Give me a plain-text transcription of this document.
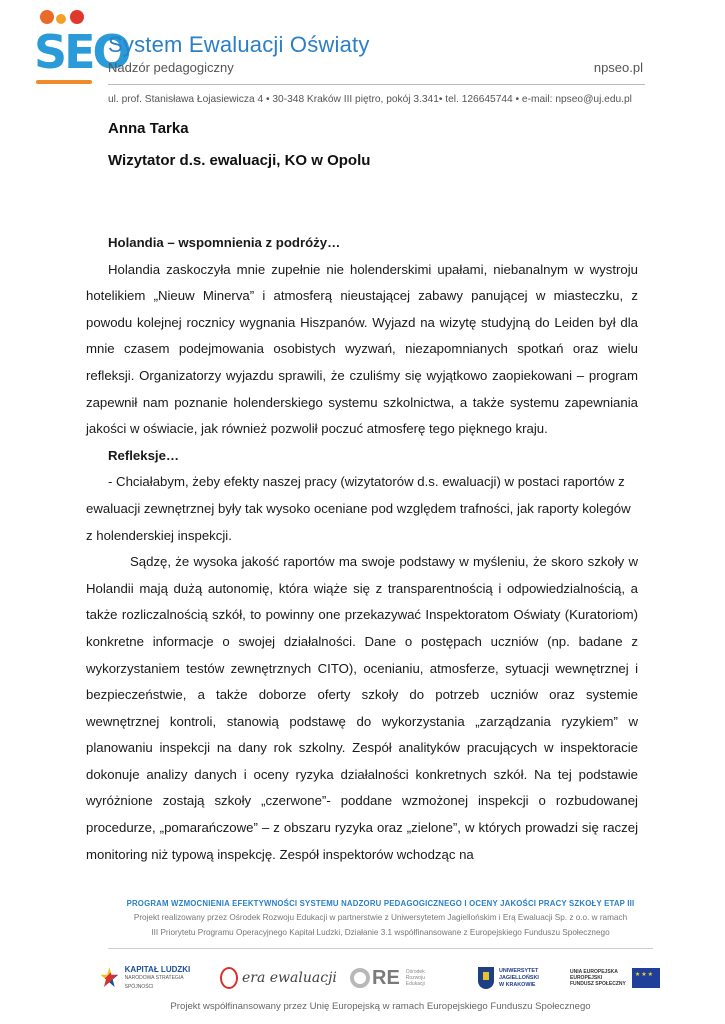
SEO
System Ewaluacji Oświaty
Nadzór pedagogiczny	npseo.pl
ul. prof. Stanisława Łojasiewicza 4 • 30-348 Kraków III piętro, pokój 3.341• tel. 126645744 • e-mail: npseo@uj.edu.pl
Anna Tarka
Wizytator d.s. ewaluacji, KO w Opolu

Holandia – wspomnienia z podróży…

Holandia zaskoczyła mnie zupełnie nie holenderskimi upałami, niebanalnym w wystroju hotelikiem „Nieuw Minerva” i atmosferą nieustającej zabawy panującej w miasteczku, z powodu kolejnej rocznicy wygnania Hiszpanów. Wyjazd na wizytę studyjną do Leiden był dla mnie czasem podejmowania osobistych wyzwań, niezapomnianych spotkań oraz wielu refleksji. Organizatorzy wyjazdu sprawili, że czuliśmy się wyjątkowo zaopiekowani – program zapewnił nam poznanie holenderskiego systemu szkolnictwa, a także systemu zapewniania jakości w oświacie, jak również pozwolił poczuć atmosferę tego pięknego kraju.

Refleksje…

- Chciałabym, żeby efekty naszej pracy (wizytatorów d.s. ewaluacji) w postaci raportów z ewaluacji zewnętrznej były tak wysoko oceniane pod względem trafności, jak raporty kolegów z holenderskiej inspekcji.

Sądzę, że wysoka jakość raportów ma swoje podstawy w myśleniu, że skoro szkoły w Holandii mają dużą autonomię, która wiąże się z transparentnością i odpowiedzialnością, a także rozliczalnością szkół, to powinny one przekazywać Inspektoratom Oświaty (Kuratoriom) konkretne informacje o swojej działalności. Dane o postępach uczniów (np. badane z wykorzystaniem testów zewnętrznych CITO), ocenianiu, atmosferze, sytuacji wewnętrznej i bezpieczeństwie, a także doborze oferty szkoły do potrzeb uczniów oraz systemie wewnętrznej kontroli, stanowią podstawę do wykorzystania „zarządzania ryzykiem” w planowaniu inspekcji na dany rok szkolny. Zespół analityków pracujących w inspektoracie dokonuje analizy danych i oceny ryzyka działalności konkretnych szkół. Na tej podstawie wyróżnione zostają szkoły „czerwone”- poddane wzmożonej inspekcji o rozbudowanej procedurze, „pomarańczowe” – z obszaru ryzyka oraz „zielone”, w których prowadzi się raczej monitoring niż typową inspekcję. Zespół inspektorów wchodząc na

PROGRAM WZMOCNIENIA EFEKTYWNOŚCI SYSTEMU NADZORU PEDAGOGICZNEGO I OCENY JAKOŚCI PRACY SZKOŁY ETAP III
Projekt realizowany przez Ośrodek Rozwoju Edukacji w partnerstwie z Uniwersytetem Jagiellońskim i Erą Ewaluacji Sp. z o.o. w ramach
III Priorytetu Programu Operacyjnego Kapitał Ludzki, Działanie 3.1 współfinansowane z Europejskiego Funduszu Społecznego
KAPITAŁ LUDZKI
NARODOWA STRATEGIA SPÓJNOŚCI
era ewaluacji RE Ośrodek
Rozwoju
Edukacji
UNIWERSYTET
JAGIELLOŃSKI
W KRAKOWIE
UNIA EUROPEJSKA
EUROPEJSKI
FUNDUSZ SPOŁECZNY
★★★
Projekt współfinansowany przez Unię Europejską w ramach Europejskiego Funduszu Społecznego
